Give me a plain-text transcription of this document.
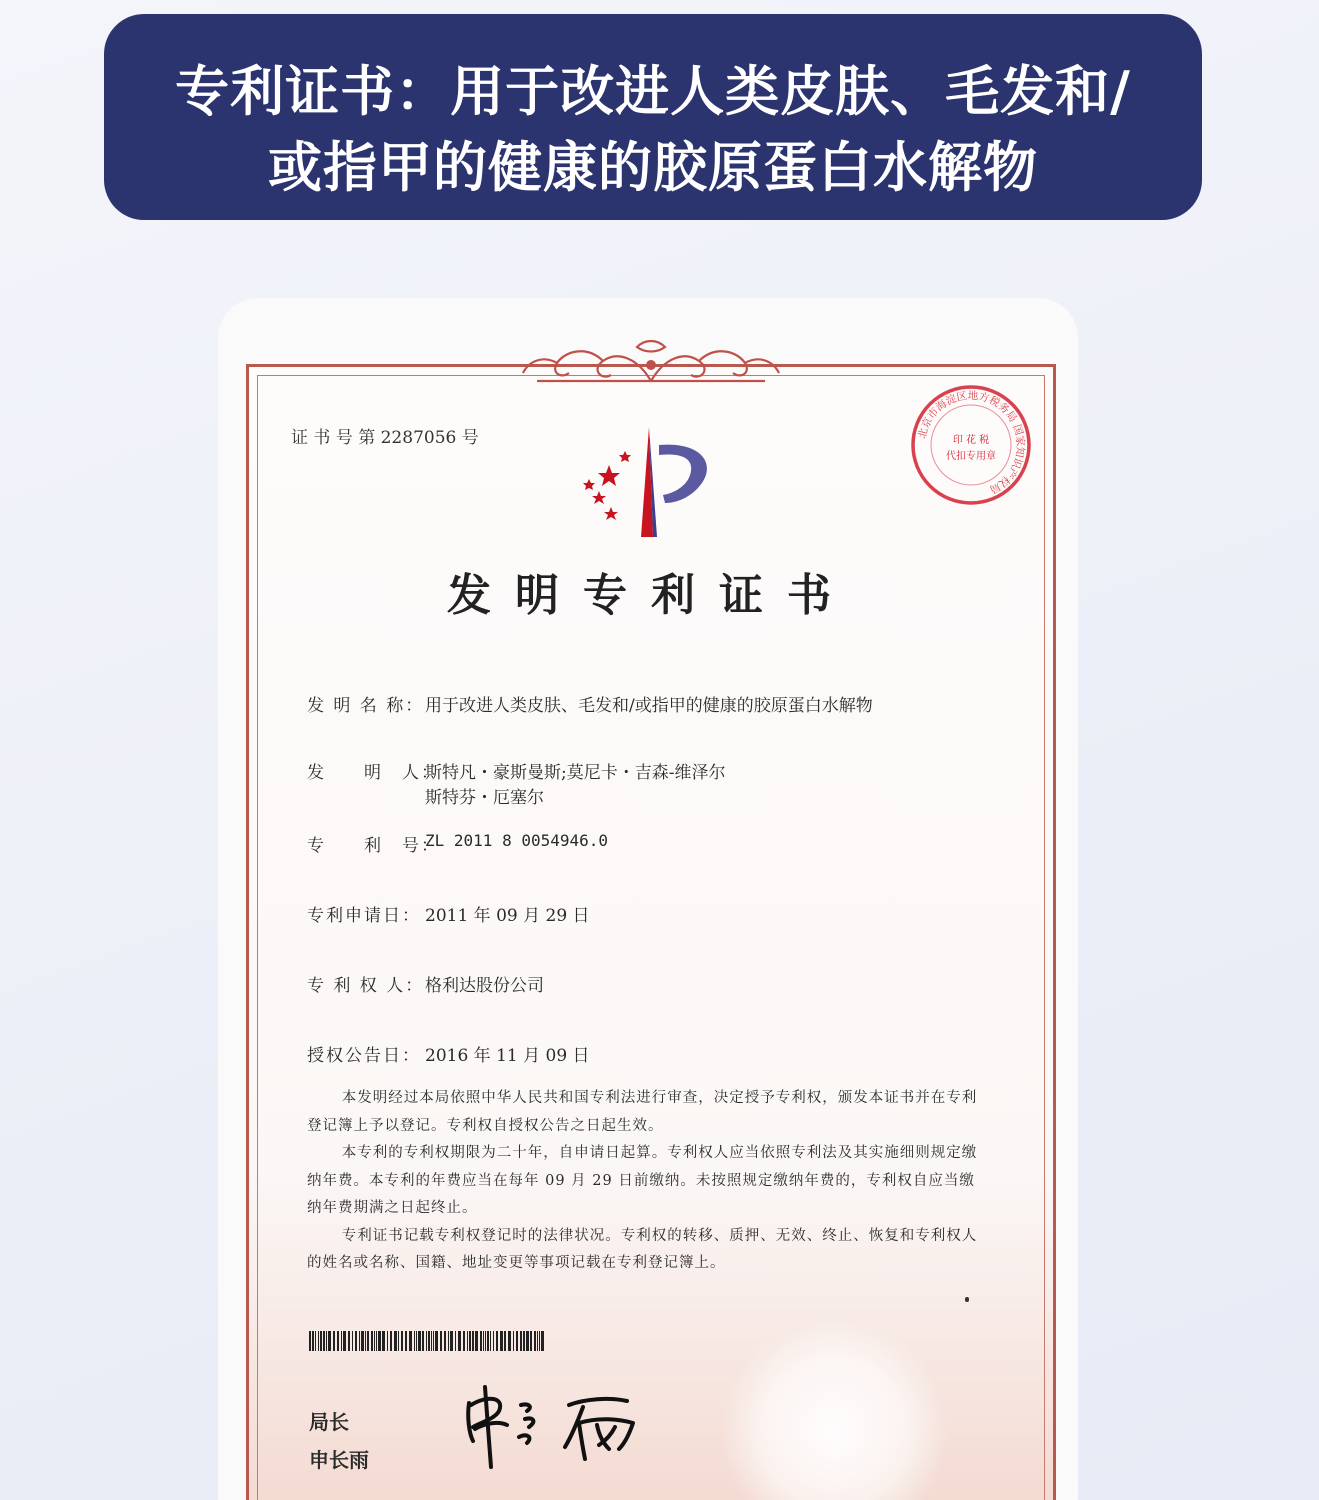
专利证书：用于改进人类皮肤、毛发和/
或指甲的健康的胶原蛋白水解物
证 书 号 第 2287056 号	北京市海淀区地方税务局 国家知识产权局
印 花 税
代扣专用章
发明专利证书
发 明 名 称：用于改进人类皮肤、毛发和/或指甲的健康的胶原蛋白水解物
发　　明　人：斯特凡・豪斯曼斯;莫尼卡・吉森-维泽尔
斯特芬・厄塞尔
专　　利　号：ZL 2011 8 0054946.0
专利申请日： 2011 年 09 月 29 日
专 利 权 人：格利达股份公司
授权公告日： 2016 年 11 月 09 日

本发明经过本局依照中华人民共和国专利法进行审查，决定授予专利权，颁发本证书并在专利登记簿上予以登记。专利权自授权公告之日起生效。

本专利的专利权期限为二十年，自申请日起算。专利权人应当依照专利法及其实施细则规定缴纳年费。本专利的年费应当在每年 09 月 29 日前缴纳。未按照规定缴纳年费的，专利权自应当缴纳年费期满之日起终止。

专利证书记载专利权登记时的法律状况。专利权的转移、质押、无效、终止、恢复和专利权人的姓名或名称、国籍、地址变更等事项记载在专利登记簿上。

局长
申长雨
